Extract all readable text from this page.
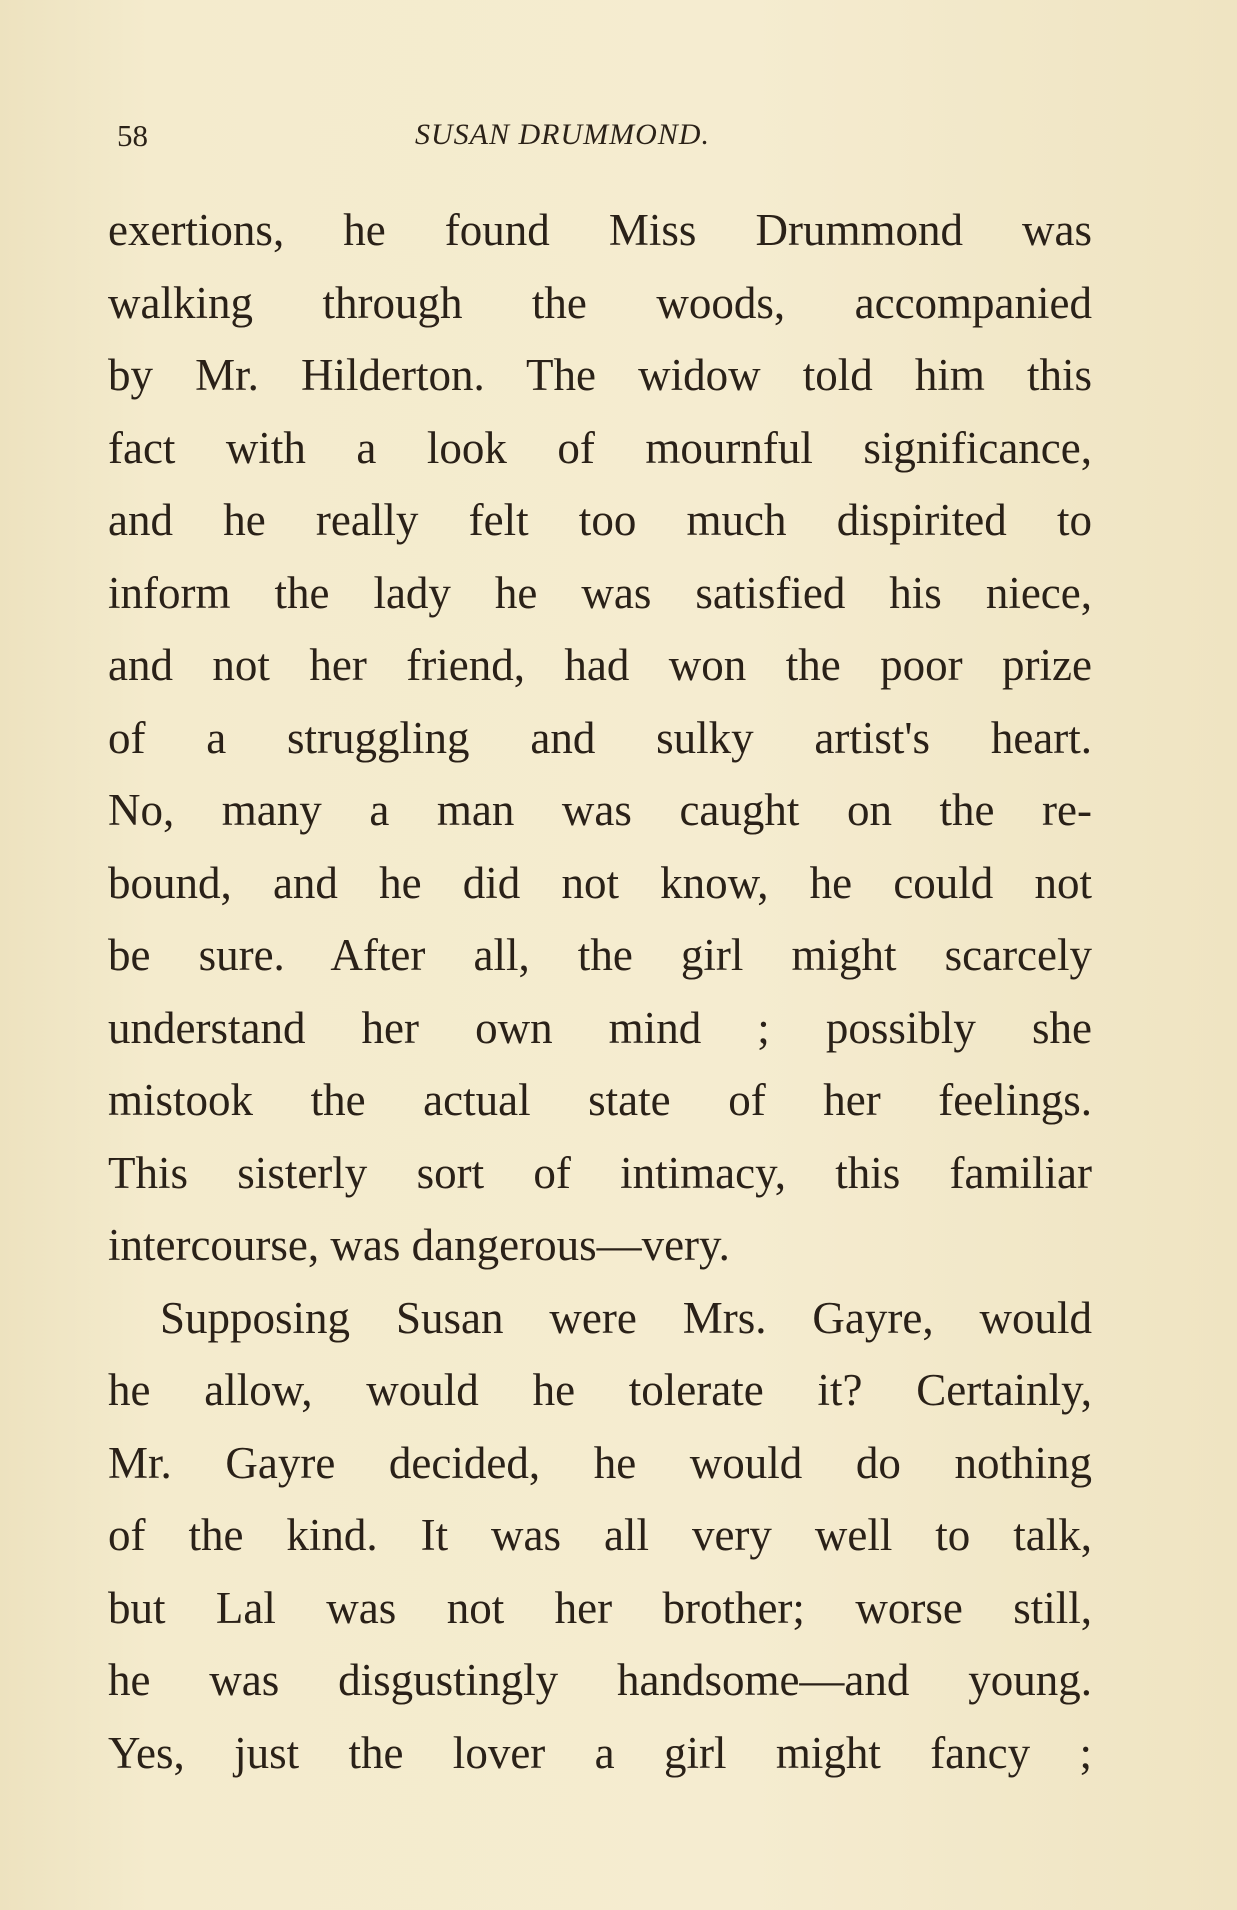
58	SUSAN DRUMMOND.
exertions, he found Miss Drummond was
walking through the woods, accompanied
by Mr. Hilderton. The widow told him this
fact with a look of mournful significance,
and he really felt too much dispirited to
inform the lady he was satisfied his niece,
and not her friend, had won the poor prize
of a struggling and sulky artist's heart.
No, many a man was caught on the re-
bound, and he did not know, he could not
be sure. After all, the girl might scarcely
understand her own mind ; possibly she
mistook the actual state of her feelings.
This sisterly sort of intimacy, this familiar
intercourse, was dangerous—very.
Supposing Susan were Mrs. Gayre, would
he allow, would he tolerate it? Certainly,
Mr. Gayre decided, he would do nothing
of the kind. It was all very well to talk,
but Lal was not her brother; worse still,
he was disgustingly handsome—and young.
Yes, just the lover a girl might fancy ;
